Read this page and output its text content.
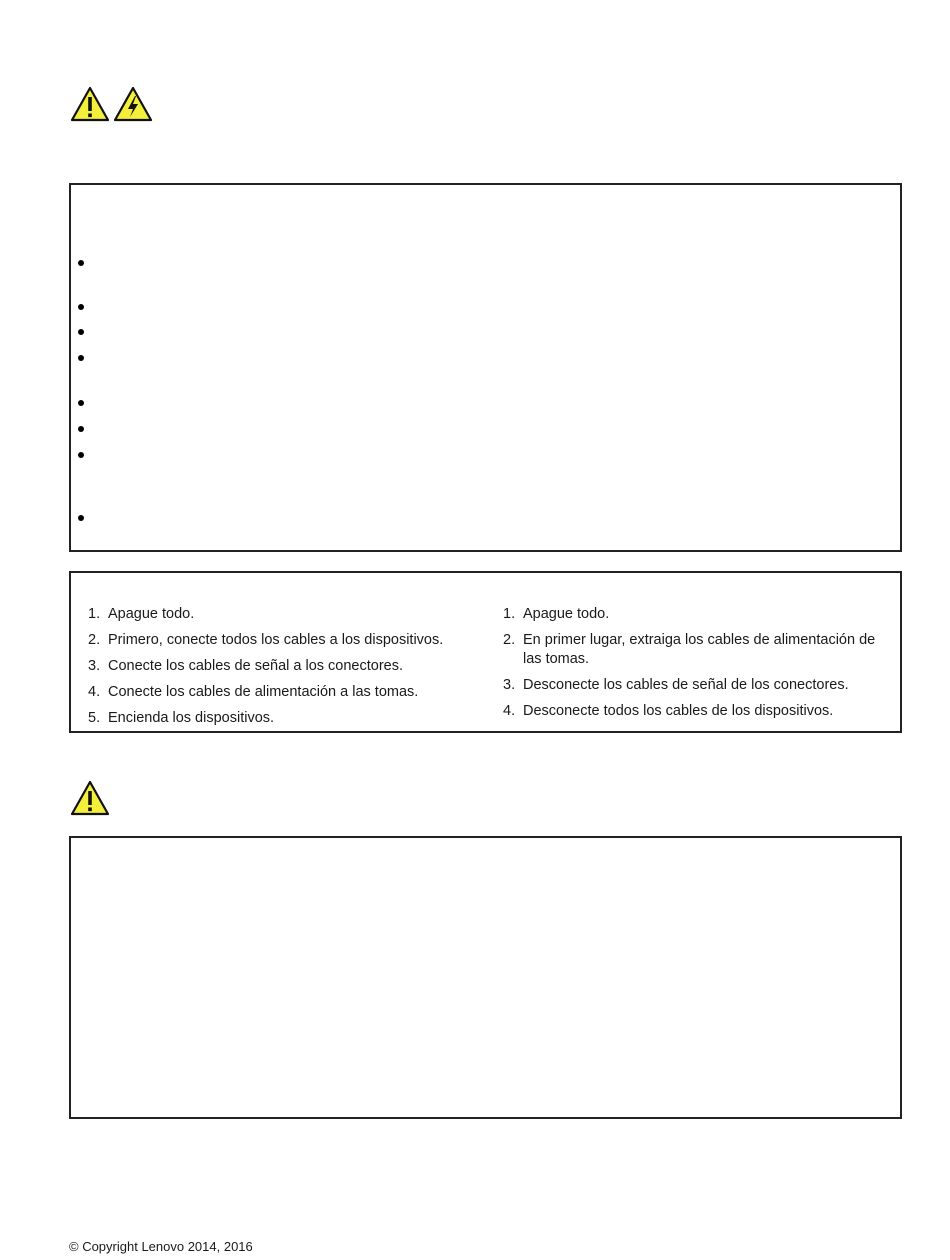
1. Apague todo.
2. Primero, conecte todos los cables a los dispositivos.
3. Conecte los cables de señal a los conectores.
4. Conecte los cables de alimentación a las tomas.
5. Encienda los dispositivos.
1. Apague todo.
2. En primer lugar, extraiga los cables de alimentación de las tomas.
3. Desconecte los cables de señal de los conectores.
4. Desconecte todos los cables de los dispositivos.
© Copyright Lenovo 2014, 2016
